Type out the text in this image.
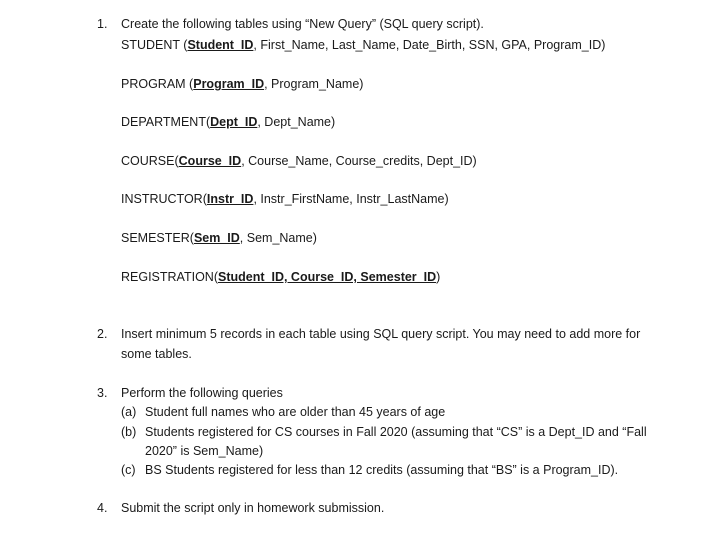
1. Create the following tables using “New Query” (SQL query script).
STUDENT (Student_ID, First_Name, Last_Name, Date_Birth, SSN, GPA, Program_ID)
PROGRAM (Program_ID, Program_Name)
DEPARTMENT(Dept_ID, Dept_Name)
COURSE(Course_ID, Course_Name, Course_credits, Dept_ID)
INSTRUCTOR(Instr_ID, Instr_FirstName, Instr_LastName)
SEMESTER(Sem_ID, Sem_Name)
REGISTRATION(Student_ID, Course_ID, Semester_ID)
2. Insert minimum 5 records in each table using SQL query script. You may need to add more for
some tables.
3. Perform the following queries
(a) Student full names who are older than 45 years of age
(b) Students registered for CS courses in Fall 2020 (assuming that “CS” is a Dept_ID and “Fall
2020” is Sem_Name)
(c) BS Students registered for less than 12 credits (assuming that “BS” is a Program_ID).
4. Submit the script only in homework submission.
